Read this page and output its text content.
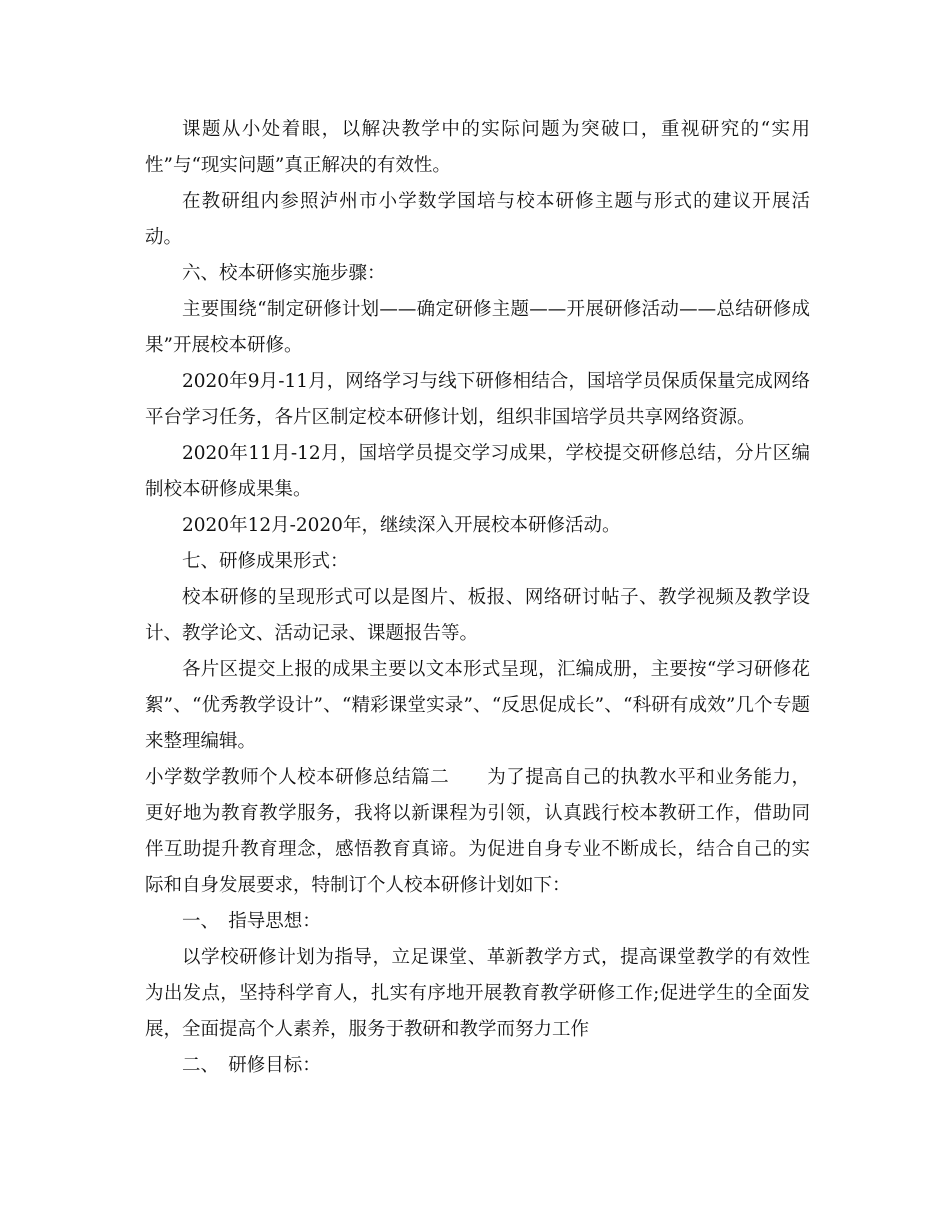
课题从小处着眼，以解决教学中的实际问题为突破口，重视研究的“实用性”与“现实问题”真正解决的有效性。

在教研组内参照泸州市小学数学国培与校本研修主题与形式的建议开展活动。

六、校本研修实施步骤：

主要围绕“制定研修计划——确定研修主题——开展研修活动——总结研修成果”开展校本研修。

2020年9月-11月，网络学习与线下研修相结合，国培学员保质保量完成网络平台学习任务，各片区制定校本研修计划，组织非国培学员共享网络资源。

2020年11月-12月，国培学员提交学习成果，学校提交研修总结，分片区编制校本研修成果集。

2020年12月-2020年，继续深入开展校本研修活动。

七、研修成果形式：

校本研修的呈现形式可以是图片、板报、网络研讨帖子、教学视频及教学设计、教学论文、活动记录、课题报告等。

各片区提交上报的成果主要以文本形式呈现，汇编成册，主要按“学习研修花絮”、“优秀教学设计”、“精彩课堂实录”、“反思促成长”、“科研有成效”几个专题来整理编辑。

小学数学教师个人校本研修总结篇二　　为了提高自己的执教水平和业务能力，更好地为教育教学服务，我将以新课程为引领，认真践行校本教研工作，借助同伴互助提升教育理念，感悟教育真谛。为促进自身专业不断成长，结合自己的实际和自身发展要求，特制订个人校本研修计划如下：

一、　指导思想：

以学校研修计划为指导，立足课堂、革新教学方式，提高课堂教学的有效性为出发点，坚持科学育人，扎实有序地开展教育教学研修工作;促进学生的全面发展，全面提高个人素养，服务于教研和教学而努力工作

二、　研修目标：
